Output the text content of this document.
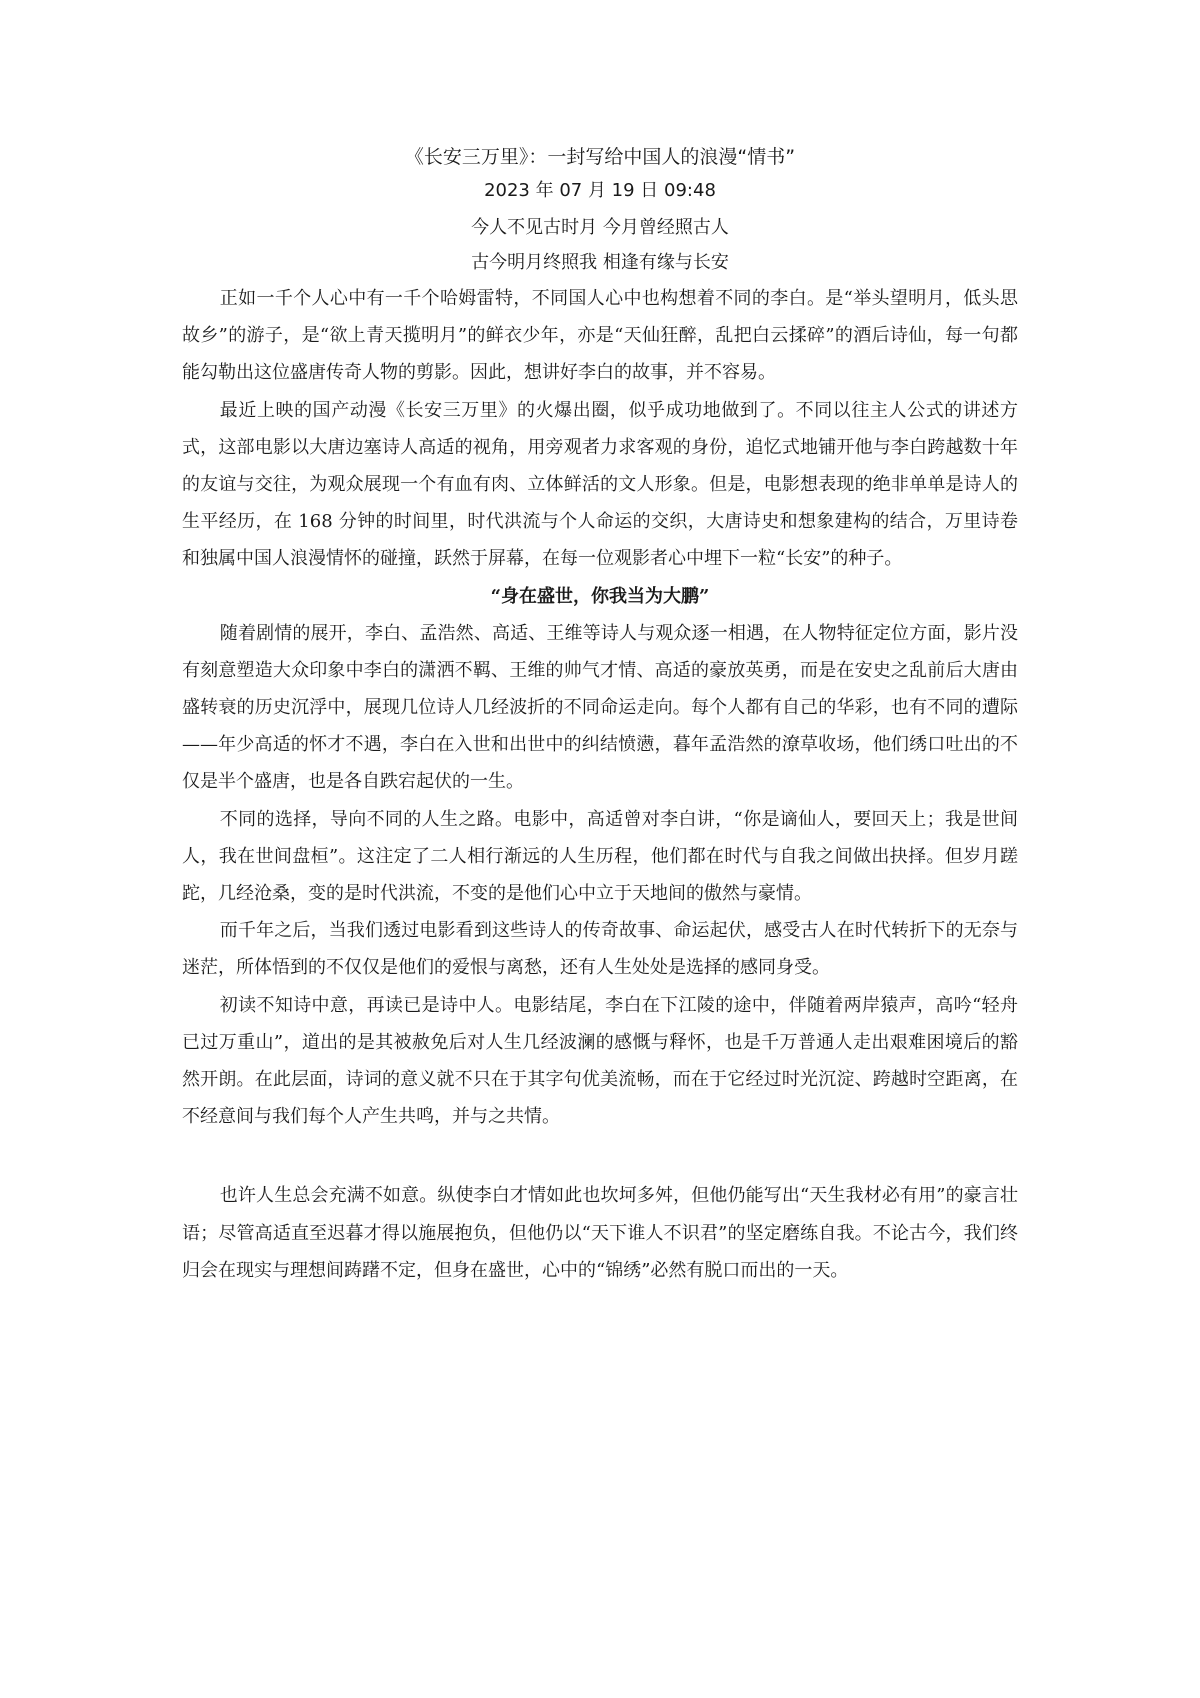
《长安三万里》：一封写给中国人的浪漫“情书”

2023 年 07 月 19 日 09:48

今人不见古时月 今月曾经照古人

古今明月终照我 相逢有缘与长安

正如一千个人心中有一千个哈姆雷特，不同国人心中也构想着不同的李白。是“举头望明月，低头思故乡”的游子，是“欲上青天揽明月”的鲜衣少年，亦是“天仙狂醉，乱把白云揉碎”的酒后诗仙，每一句都能勾勒出这位盛唐传奇人物的剪影。因此，想讲好李白的故事，并不容易。

最近上映的国产动漫《长安三万里》的火爆出圈，似乎成功地做到了。不同以往主人公式的讲述方式，这部电影以大唐边塞诗人高适的视角，用旁观者力求客观的身份，追忆式地铺开他与李白跨越数十年的友谊与交往，为观众展现一个有血有肉、立体鲜活的文人形象。但是，电影想表现的绝非单单是诗人的生平经历，在 168 分钟的时间里，时代洪流与个人命运的交织，大唐诗史和想象建构的结合，万里诗卷和独属中国人浪漫情怀的碰撞，跃然于屏幕，在每一位观影者心中埋下一粒“长安”的种子。

“身在盛世，你我当为大鹏”

随着剧情的展开，李白、孟浩然、高适、王维等诗人与观众逐一相遇，在人物特征定位方面，影片没有刻意塑造大众印象中李白的潇洒不羁、王维的帅气才情、高适的豪放英勇，而是在安史之乱前后大唐由盛转衰的历史沉浮中，展现几位诗人几经波折的不同命运走向。每个人都有自己的华彩，也有不同的遭际——年少高适的怀才不遇，李白在入世和出世中的纠结愤懑，暮年孟浩然的潦草收场，他们绣口吐出的不仅是半个盛唐，也是各自跌宕起伏的一生。

不同的选择，导向不同的人生之路。电影中，高适曾对李白讲，“你是谪仙人，要回天上；我是世间人，我在世间盘桓”。这注定了二人相行渐远的人生历程，他们都在时代与自我之间做出抉择。但岁月蹉跎，几经沧桑，变的是时代洪流，不变的是他们心中立于天地间的傲然与豪情。

而千年之后，当我们透过电影看到这些诗人的传奇故事、命运起伏，感受古人在时代转折下的无奈与迷茫，所体悟到的不仅仅是他们的爱恨与离愁，还有人生处处是选择的感同身受。

初读不知诗中意，再读已是诗中人。电影结尾，李白在下江陵的途中，伴随着两岸猿声，高吟“轻舟已过万重山”，道出的是其被赦免后对人生几经波澜的感慨与释怀，也是千万普通人走出艰难困境后的豁然开朗。在此层面，诗词的意义就不只在于其字句优美流畅，而在于它经过时光沉淀、跨越时空距离，在不经意间与我们每个人产生共鸣，并与之共情。

也许人生总会充满不如意。纵使李白才情如此也坎坷多舛，但他仍能写出“天生我材必有用”的豪言壮语；尽管高适直至迟暮才得以施展抱负，但他仍以“天下谁人不识君”的坚定磨练自我。不论古今，我们终归会在现实与理想间踌躇不定，但身在盛世，心中的“锦绣”必然有脱口而出的一天。
